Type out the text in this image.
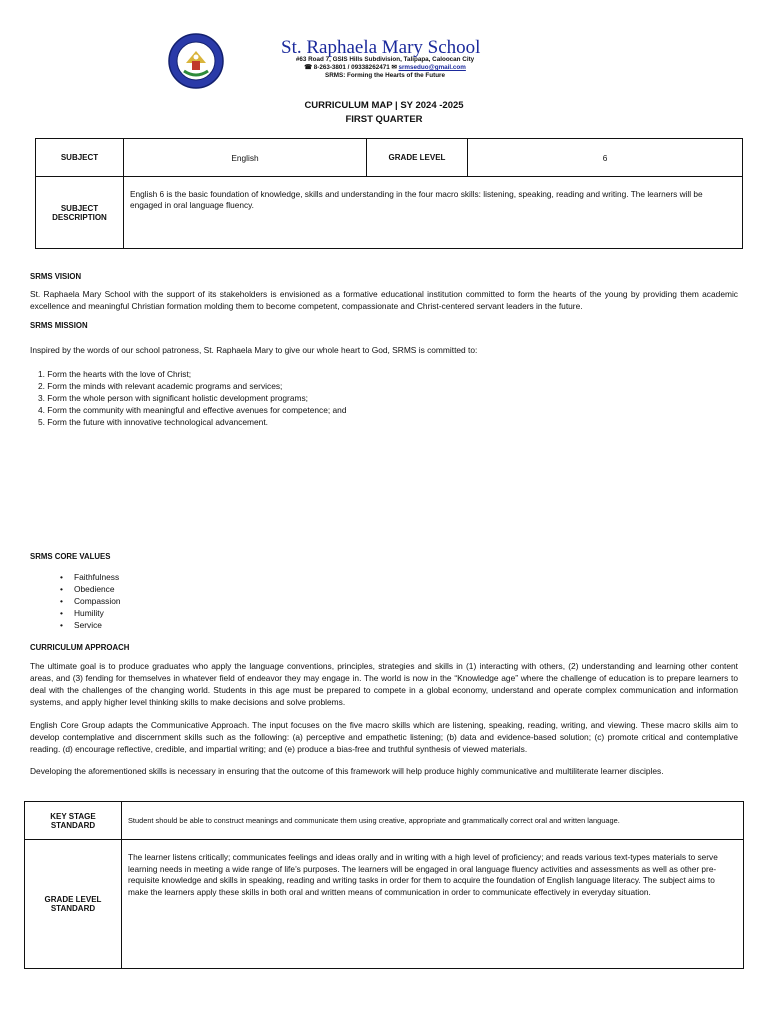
St. Raphaela Mary School
#63 Road 7, GSIS Hills Subdivision, Talipapa, Caloocan City
☎ 8-263-3801 / 09338262471 ✉ srmseduo@gmail.com
SRMS: Forming the Hearts of the Future
CURRICULUM MAP | SY 2024 -2025
FIRST QUARTER
SUBJECT	English	GRADE LEVEL	6

SUBJECT
DESCRIPTION	English 6 is the basic foundation of knowledge, skills and understanding in the four macro skills: listening, speaking, reading and writing. The learners will be engaged in oral language fluency.		
SRMS VISION
St. Raphaela Mary School with the support of its stakeholders is envisioned as a formative educational institution committed to form the hearts of the young by providing them academic excellence and meaningful Christian formation molding them to become competent, compassionate and Christ-centered servant leaders in the future.
SRMS MISSION
Inspired by the words of our school patroness, St. Raphaela Mary to give our whole heart to God, SRMS is committed to:
1. Form the hearts with the love of Christ;
2. Form the minds with relevant academic programs and services;
3. Form the whole person with significant holistic development programs;
4. Form the community with meaningful and effective avenues for competence; and
5. Form the future with innovative technological advancement.
SRMS CORE VALUES
• Faithfulness
• Obedience
• Compassion
• Humility
• Service
CURRICULUM APPROACH
The ultimate goal is to produce graduates who apply the language conventions, principles, strategies and skills in (1) interacting with others, (2) understanding and learning other content areas, and (3) fending for themselves in whatever field of endeavor they may engage in. The world is now in the “Knowledge age” where the challenge of education is to prepare learners to deal with the challenges of the changing world. Students in this age must be prepared to compete in a global economy, understand and operate complex communication and information systems, and apply higher level thinking skills to make decisions and solve problems.
English Core Group adapts the Communicative Approach. The input focuses on the five macro skills which are listening, speaking, reading, writing, and viewing. These macro skills aim to develop contemplative and discernment skills such as the following: (a) perceptive and empathetic listening; (b) data and evidence-based solution; (c) promote critical and contemplative reading. (d) encourage reflective, credible, and impartial writing; and (e) produce a bias-free and truthful synthesis of viewed materials.
Developing the aforementioned skills is necessary in ensuring that the outcome of this framework will help produce highly communicative and multiliterate learner disciples.
KEY STAGE
STANDARD	Student should be able to construct meanings and communicate them using creative, appropriate and grammatically correct oral and written language.

GRADE LEVEL
STANDARD	The learner listens critically; communicates feelings and ideas orally and in writing with a high level of proficiency; and reads various text-types materials to serve learning needs in meeting a wide range of life’s purposes. The learners will be engaged in oral language fluency activities and assessments as well as other pre-requisite knowledge and skills in speaking, reading and writing tasks in order for them to acquire the foundation of English language literacy. The subject aims to make the learners apply these skills in both oral and written means of communication in order to communicate effectively in everyday situation.
